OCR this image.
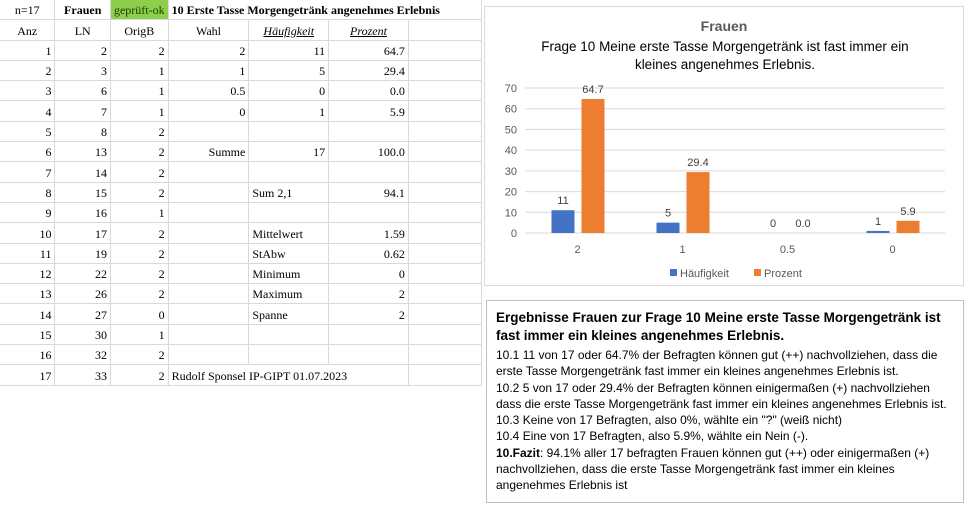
n=17	Frauen	geprüft-ok	10 Erste Tasse Morgengetränk angenehmes Erlebnis			
Anz	LN	OrigB	Wahl	Häufigkeit	Prozent	
1	2	2	2	11	64.7	
2	3	1	1	5	29.4	
3	6	1	0.5	0	0.0	
4	7	1	0	1	5.9	
5	8	2				
6	13	2	Summe	17	100.0	
7	14	2				
8	15	2		Sum 2,1	94.1	
9	16	1				
10	17	2		Mittelwert	1.59	
11	19	2		StAbw	0.62	
12	22	2		Minimum	0	
13	26	2		Maximum	2	
14	27	0		Spanne	2	
15	30	1				
16	32	2				
17	33	2	Rudolf Sponsel IP-GIPT 01.07.2023			
Frauen
Frage 10 Meine erste Tasse Morgengetränk ist fast immer ein kleines angenehmes Erlebnis.
0
10
20
30
40
50
60
70
2
11
64.7
1
5
29.4
0.5
0 0.0
0
1
5.9
Häufigkeit	Prozent
Ergebnisse Frauen zur Frage 10 Meine erste Tasse Morgengetränk ist fast immer ein kleines angenehmes Erlebnis.

10.1 11 von 17 oder 64.7% der Befragten können gut (++) nachvollziehen, dass die erste Tasse Morgengetränk fast immer ein kleines angenehmes Erlebnis ist.

10.2 5 von 17 oder 29.4% der Befragten können einigermaßen (+) nachvollziehen dass die erste Tasse Morgengetränk fast immer ein kleines angenehmes Erlebnis ist.

10.3 Keine von 17 Befragten, also 0%, wählte ein "?" (weiß nicht)

10.4 Eine von 17 Befragten, also 5.9%, wählte ein Nein (-).

10.Fazit: 94.1% aller 17 befragten Frauen können gut (++) oder einigermaßen (+) nachvollziehen, dass die erste Tasse Morgengetränk fast immer ein kleines angenehmes Erlebnis ist
